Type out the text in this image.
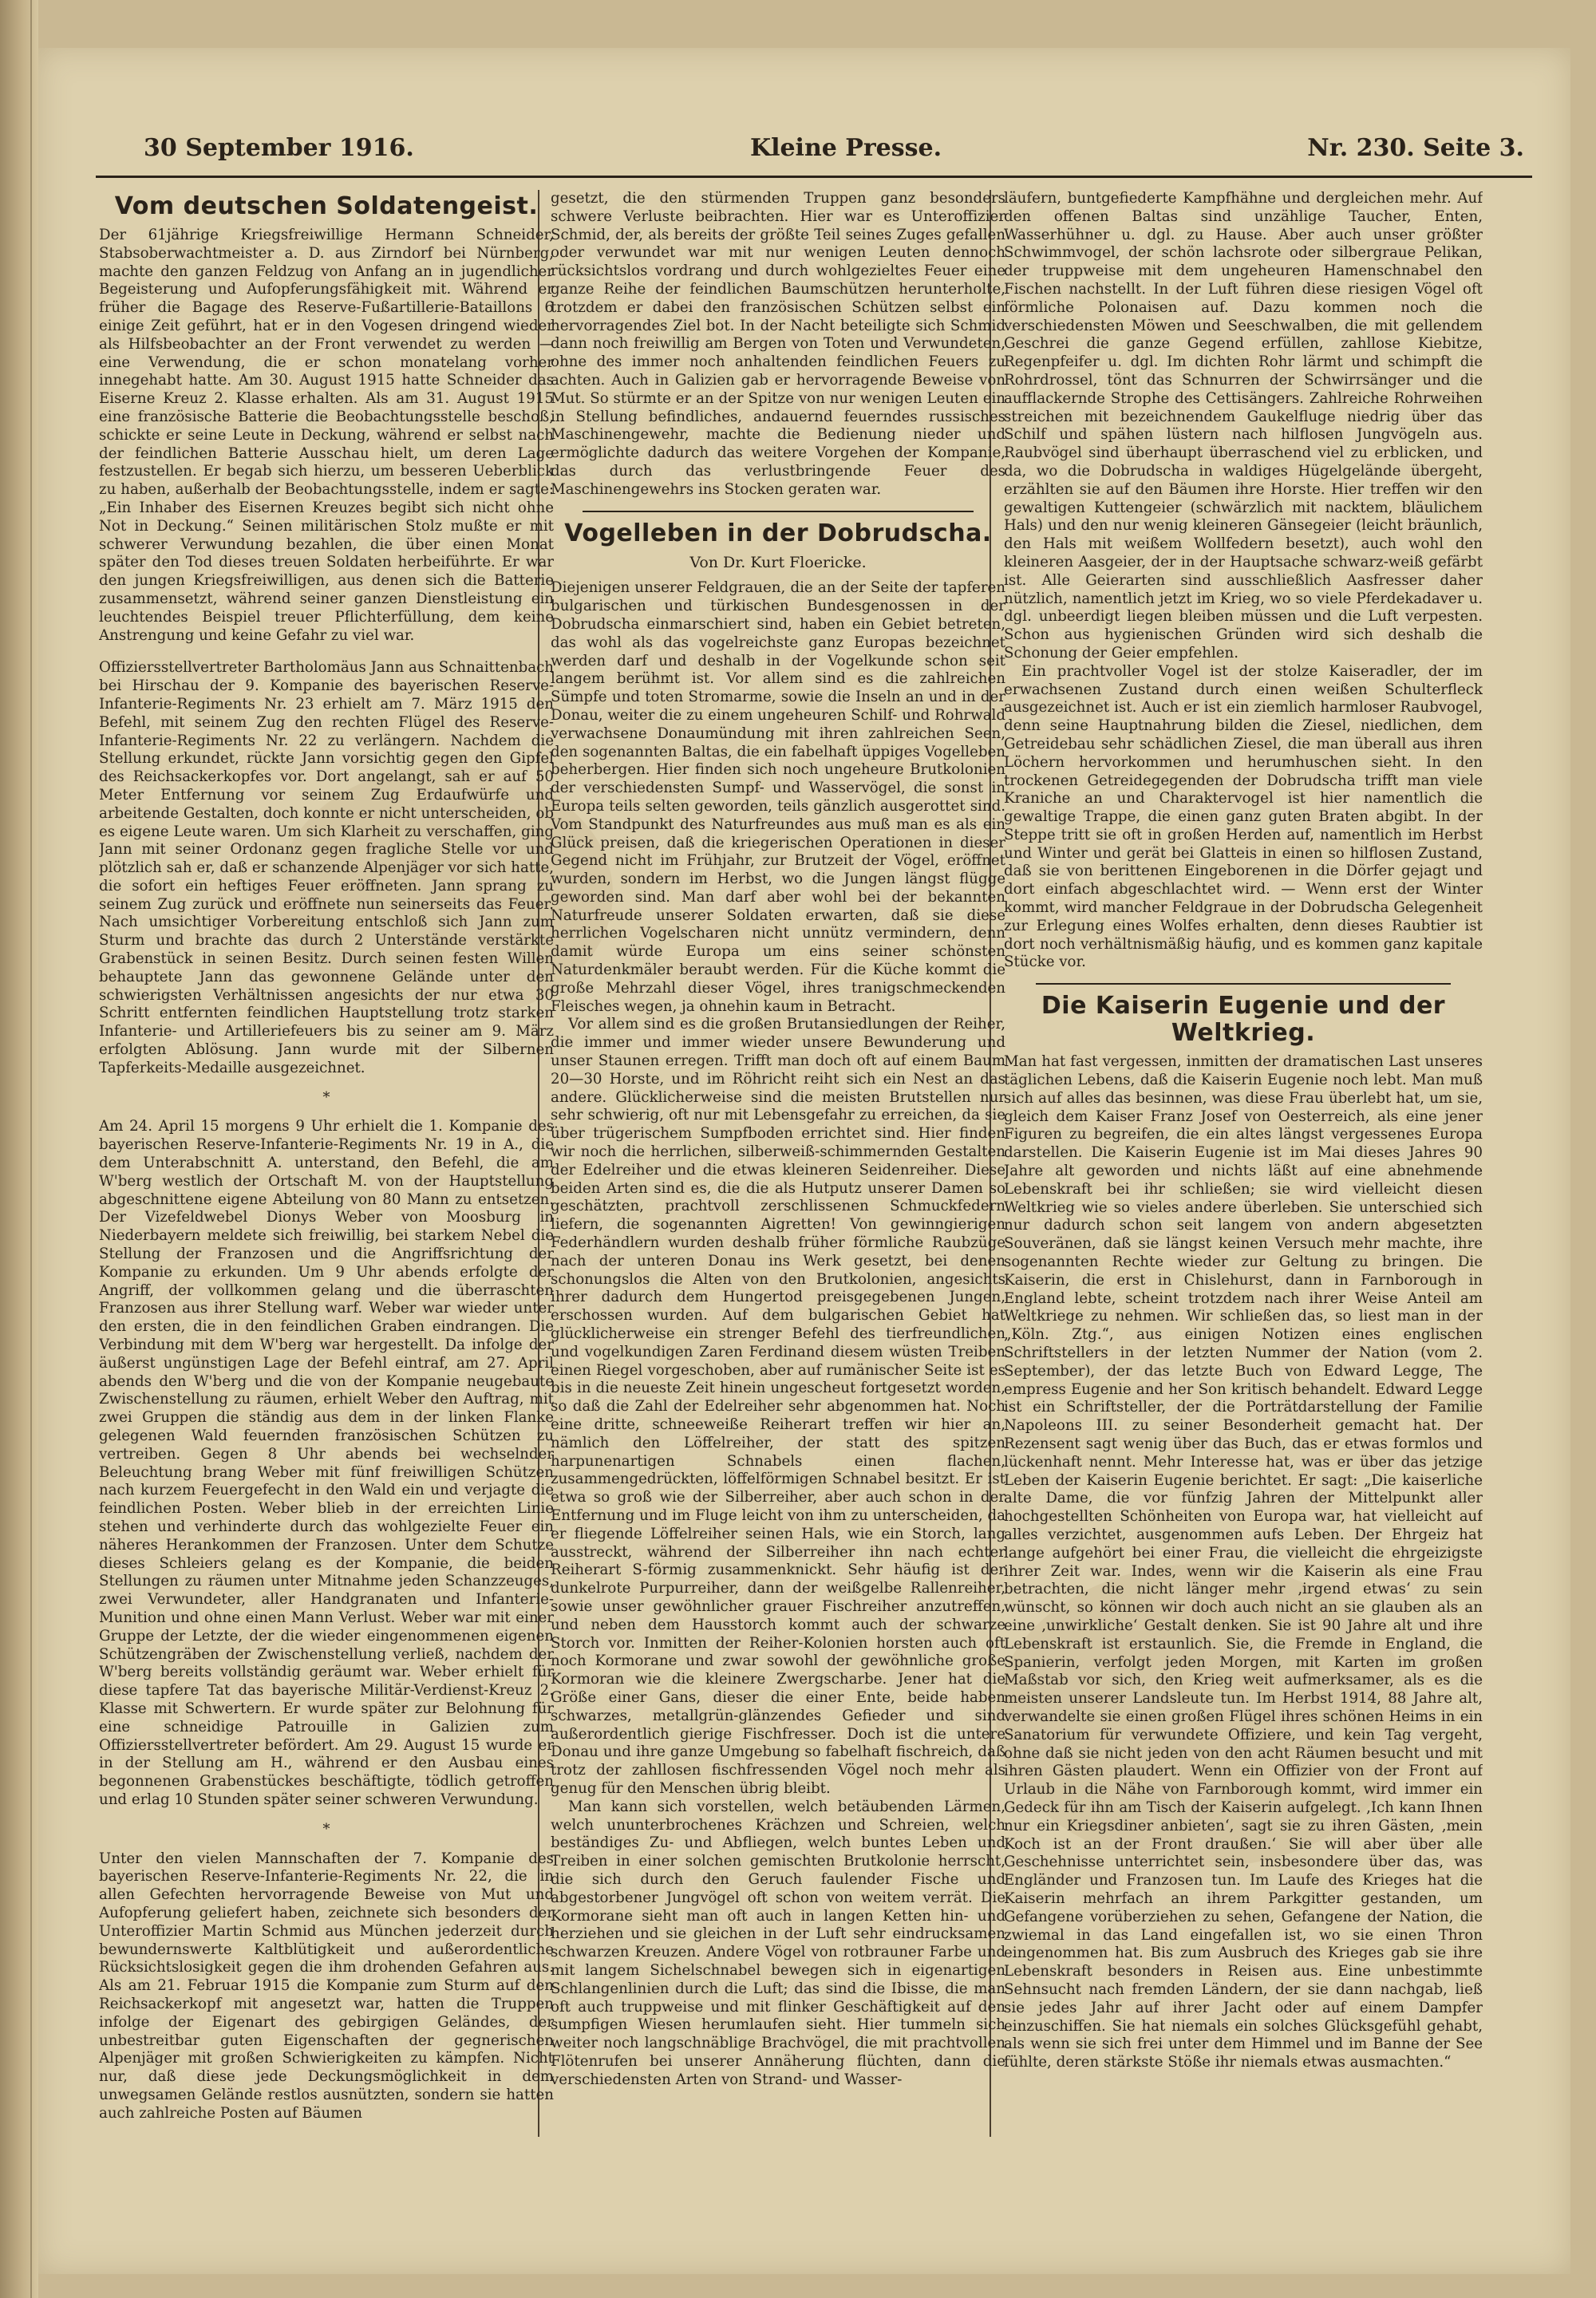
30 September 1916.	Kleine Presse.	Nr. 230. Seite 3.
Vom deutschen Soldatengeist.

Der 61jährige Kriegsfreiwillige Hermann Schneider, Stabsoberwachtmeister a. D. aus Zirndorf bei Nürnberg, machte den ganzen Feldzug von Anfang an in jugendlicher Begeisterung und Aufopferungsfähigkeit mit. Während er früher die Bagage des Reserve-Fußartillerie-Bataillons 6 einige Zeit geführt, hat er in den Vogesen dringend wieder als Hilfsbeobachter an der Front verwendet zu werden — eine Verwendung, die er schon monatelang vorher innegehabt hatte. Am 30. August 1915 hatte Schneider das Eiserne Kreuz 2. Klasse erhalten. Als am 31. August 1915 eine französische Batterie die Beobachtungsstelle beschoß, schickte er seine Leute in Deckung, während er selbst nach der feindlichen Batterie Ausschau hielt, um deren Lage festzustellen. Er begab sich hierzu, um besseren Ueberblick zu haben, außerhalb der Beobachtungsstelle, indem er sagte: „Ein Inhaber des Eisernen Kreuzes begibt sich nicht ohne Not in Deckung.“ Seinen militärischen Stolz mußte er mit schwerer Verwundung bezahlen, die über einen Monat später den Tod dieses treuen Soldaten herbeiführte. Er war den jungen Kriegsfreiwilligen, aus denen sich die Batterie zusammensetzt, während seiner ganzen Dienstleistung ein leuchtendes Beispiel treuer Pflichterfüllung, dem keine Anstrengung und keine Gefahr zu viel war.

Offiziersstellvertreter Bartholomäus Jann aus Schnaittenbach bei Hirschau der 9. Kompanie des bayerischen Reserve-Infanterie-Regiments Nr. 23 erhielt am 7. März 1915 den Befehl, mit seinem Zug den rechten Flügel des Reserve-Infanterie-Regiments Nr. 22 zu verlängern. Nachdem die Stellung erkundet, rückte Jann vorsichtig gegen den Gipfel des Reichsackerkopfes vor. Dort angelangt, sah er auf 50 Meter Entfernung vor seinem Zug Erdaufwürfe und arbeitende Gestalten, doch konnte er nicht unterscheiden, ob es eigene Leute waren. Um sich Klarheit zu verschaffen, ging Jann mit seiner Ordonanz gegen fragliche Stelle vor und plötzlich sah er, daß er schanzende Alpenjäger vor sich hatte, die sofort ein heftiges Feuer eröffneten. Jann sprang zu seinem Zug zurück und eröffnete nun seinerseits das Feuer. Nach umsichtiger Vorbereitung entschloß sich Jann zum Sturm und brachte das durch 2 Unterstände verstärkte Grabenstück in seinen Besitz. Durch seinen festen Willen behauptete Jann das gewonnene Gelände unter den schwierigsten Verhältnissen angesichts der nur etwa 30 Schritt entfernten feindlichen Hauptstellung trotz starken Infanterie- und Artilleriefeuers bis zu seiner am 9. März erfolgten Ablösung. Jann wurde mit der Silbernen Tapferkeits-Medaille ausgezeichnet.

*

Am 24. April 15 morgens 9 Uhr erhielt die 1. Kompanie des bayerischen Reserve-Infanterie-Regiments Nr. 19 in A., die dem Unterabschnitt A. unterstand, den Befehl, die am W'berg westlich der Ortschaft M. von der Hauptstellung abgeschnittene eigene Abteilung von 80 Mann zu entsetzen. Der Vizefeldwebel Dionys Weber von Moosburg in Niederbayern meldete sich freiwillig, bei starkem Nebel die Stellung der Franzosen und die Angriffsrichtung der Kompanie zu erkunden. Um 9 Uhr abends erfolgte der Angriff, der vollkommen gelang und die überraschten Franzosen aus ihrer Stellung warf. Weber war wieder unter den ersten, die in den feindlichen Graben eindrangen. Die Verbindung mit dem W'berg war hergestellt. Da infolge der äußerst ungünstigen Lage der Befehl eintraf, am 27. April abends den W'berg und die von der Kompanie neugebaute Zwischenstellung zu räumen, erhielt Weber den Auftrag, mit zwei Gruppen die ständig aus dem in der linken Flanke gelegenen Wald feuernden französischen Schützen zu vertreiben. Gegen 8 Uhr abends bei wechselnder Beleuchtung brang Weber mit fünf freiwilligen Schützen nach kurzem Feuergefecht in den Wald ein und verjagte die feindlichen Posten. Weber blieb in der erreichten Linie stehen und verhinderte durch das wohlgezielte Feuer ein näheres Herankommen der Franzosen. Unter dem Schutze dieses Schleiers gelang es der Kompanie, die beiden Stellungen zu räumen unter Mitnahme jeden Schanzzeuges, zwei Verwundeter, aller Handgranaten und Infanterie-Munition und ohne einen Mann Verlust. Weber war mit einer Gruppe der Letzte, der die wieder eingenommenen eigenen Schützengräben der Zwischenstellung verließ, nachdem der W'berg bereits vollständig geräumt war. Weber erhielt für diese tapfere Tat das bayerische Militär-Verdienst-Kreuz 2. Klasse mit Schwertern. Er wurde später zur Belohnung für eine schneidige Patrouille in Galizien zum Offiziersstellvertreter befördert. Am 29. August 15 wurde er in der Stellung am H., während er den Ausbau eines begonnenen Grabenstückes beschäftigte, tödlich getroffen und erlag 10 Stunden später seiner schweren Verwundung.

*

Unter den vielen Mannschaften der 7. Kompanie des bayerischen Reserve-Infanterie-Regiments Nr. 22, die in allen Gefechten hervorragende Beweise von Mut und Aufopferung geliefert haben, zeichnete sich besonders der Unteroffizier Martin Schmid aus München jederzeit durch bewundernswerte Kaltblütigkeit und außerordentliche Rücksichtslosigkeit gegen die ihm drohenden Gefahren aus. Als am 21. Februar 1915 die Kompanie zum Sturm auf den Reichsackerkopf mit angesetzt war, hatten die Truppen infolge der Eigenart des gebirgigen Geländes, der unbestreitbar guten Eigenschaften der gegnerischen Alpenjäger mit großen Schwierigkeiten zu kämpfen. Nicht nur, daß diese jede Deckungsmöglichkeit in dem unwegsamen Gelände restlos ausnützten, sondern sie hatten auch zahlreiche Posten auf Bäumen

gesetzt, die den stürmenden Truppen ganz besonders schwere Verluste beibrachten. Hier war es Unteroffizier Schmid, der, als bereits der größte Teil seines Zuges gefallen oder verwundet war mit nur wenigen Leuten dennoch rücksichtslos vordrang und durch wohlgezieltes Feuer eine ganze Reihe der feindlichen Baumschützen herunterholte, trotzdem er dabei den französischen Schützen selbst ein hervorragendes Ziel bot. In der Nacht beteiligte sich Schmid dann noch freiwillig am Bergen von Toten und Verwundeten, ohne des immer noch anhaltenden feindlichen Feuers zu achten. Auch in Galizien gab er hervorragende Beweise von Mut. So stürmte er an der Spitze von nur wenigen Leuten ein in Stellung befindliches, andauernd feuerndes russisches Maschinengewehr, machte die Bedienung nieder und ermöglichte dadurch das weitere Vorgehen der Kompanie, das durch das verlustbringende Feuer des Maschinengewehrs ins Stocken geraten war.

Vogelleben in der Dobrudscha.
Von Dr. Kurt Floericke.

Diejenigen unserer Feldgrauen, die an der Seite der tapferen bulgarischen und türkischen Bundesgenossen in der Dobrudscha einmarschiert sind, haben ein Gebiet betreten, das wohl als das vogelreichste ganz Europas bezeichnet werden darf und deshalb in der Vogelkunde schon seit langem berühmt ist. Vor allem sind es die zahlreichen Sümpfe und toten Stromarme, sowie die Inseln an und in der Donau, weiter die zu einem ungeheuren Schilf- und Rohrwald verwachsene Donaumündung mit ihren zahlreichen Seen, den sogenannten Baltas, die ein fabelhaft üppiges Vogelleben beherbergen. Hier finden sich noch ungeheure Brutkolonien der verschiedensten Sumpf- und Wasservögel, die sonst in Europa teils selten geworden, teils gänzlich ausgerottet sind. Vom Standpunkt des Naturfreundes aus muß man es als ein Glück preisen, daß die kriegerischen Operationen in dieser Gegend nicht im Frühjahr, zur Brutzeit der Vögel, eröffnet wurden, sondern im Herbst, wo die Jungen längst flügge geworden sind. Man darf aber wohl bei der bekannten Naturfreude unserer Soldaten erwarten, daß sie diese herrlichen Vogelscharen nicht unnütz vermindern, denn damit würde Europa um eins seiner schönsten Naturdenkmäler beraubt werden. Für die Küche kommt die große Mehrzahl dieser Vögel, ihres tranigschmeckenden Fleisches wegen, ja ohnehin kaum in Betracht.

Vor allem sind es die großen Brutansiedlungen der Reiher, die immer und immer wieder unsere Bewunderung und unser Staunen erregen. Trifft man doch oft auf einem Baum 20—30 Horste, und im Röhricht reiht sich ein Nest an das andere. Glücklicherweise sind die meisten Brutstellen nur sehr schwierig, oft nur mit Lebensgefahr zu erreichen, da sie über trügerischem Sumpfboden errichtet sind. Hier finden wir noch die herrlichen, silberweiß-schimmernden Gestalten der Edelreiher und die etwas kleineren Seidenreiher. Diese beiden Arten sind es, die die als Hutputz unserer Damen so geschätzten, prachtvoll zerschlissenen Schmuckfedern liefern, die sogenannten Aigretten! Von gewinngierigen Federhändlern wurden deshalb früher förmliche Raubzüge nach der unteren Donau ins Werk gesetzt, bei denen schonungslos die Alten von den Brutkolonien, angesichts ihrer dadurch dem Hungertod preisgegebenen Jungen, erschossen wurden. Auf dem bulgarischen Gebiet hat glücklicherweise ein strenger Befehl des tierfreundlichen und vogelkundigen Zaren Ferdinand diesem wüsten Treiben einen Riegel vorgeschoben, aber auf rumänischer Seite ist es bis in die neueste Zeit hinein ungescheut fortgesetzt worden, so daß die Zahl der Edelreiher sehr abgenommen hat. Noch eine dritte, schneeweiße Reiherart treffen wir hier an, nämlich den Löffelreiher, der statt des spitzen harpunenartigen Schnabels einen flachen, zusammengedrückten, löffelförmigen Schnabel besitzt. Er ist etwa so groß wie der Silberreiher, aber auch schon in der Entfernung und im Fluge leicht von ihm zu unterscheiden, da er fliegende Löffelreiher seinen Hals, wie ein Storch, lang ausstreckt, während der Silberreiher ihn nach echter Reiherart S-förmig zusammenknickt. Sehr häufig ist der dunkelrote Purpurreiher, dann der weißgelbe Rallenreiher, sowie unser gewöhnlicher grauer Fischreiher anzutreffen, und neben dem Hausstorch kommt auch der schwarze Storch vor. Inmitten der Reiher-Kolonien horsten auch oft noch Kormorane und zwar sowohl der gewöhnliche große Kormoran wie die kleinere Zwergscharbe. Jener hat die Größe einer Gans, dieser die einer Ente, beide haben schwarzes, metallgrün-glänzendes Gefieder und sind außerordentlich gierige Fischfresser. Doch ist die untere Donau und ihre ganze Umgebung so fabelhaft fischreich, daß trotz der zahllosen fischfressenden Vögel noch mehr als genug für den Menschen übrig bleibt.

Man kann sich vorstellen, welch betäubenden Lärmen, welch ununterbrochenes Krächzen und Schreien, welch beständiges Zu- und Abfliegen, welch buntes Leben und Treiben in einer solchen gemischten Brutkolonie herrscht, die sich durch den Geruch faulender Fische und abgestorbener Jungvögel oft schon von weitem verrät. Die Kormorane sieht man oft auch in langen Ketten hin- und herziehen und sie gleichen in der Luft sehr eindrucksamen schwarzen Kreuzen. Andere Vögel von rotbrauner Farbe und mit langem Sichelschnabel bewegen sich in eigenartigen Schlangenlinien durch die Luft; das sind die Ibisse, die man oft auch truppweise und mit flinker Geschäftigkeit auf den sumpfigen Wiesen herumlaufen sieht. Hier tummeln sich weiter noch langschnäblige Brachvögel, die mit prachtvollen Flötenrufen bei unserer Annäherung flüchten, dann die verschiedensten Arten von Strand- und Wasser-

läufern, buntgefiederte Kampfhähne und dergleichen mehr. Auf den offenen Baltas sind unzählige Taucher, Enten, Wasserhühner u. dgl. zu Hause. Aber auch unser größter Schwimmvogel, der schön lachsrote oder silbergraue Pelikan, der truppweise mit dem ungeheuren Hamenschnabel den Fischen nachstellt. In der Luft führen diese riesigen Vögel oft förmliche Polonaisen auf. Dazu kommen noch die verschiedensten Möwen und Seeschwalben, die mit gellendem Geschrei die ganze Gegend erfüllen, zahllose Kiebitze, Regenpfeifer u. dgl. Im dichten Rohr lärmt und schimpft die Rohrdrossel, tönt das Schnurren der Schwirrsänger und die aufflackernde Strophe des Cettisängers. Zahlreiche Rohrweihen streichen mit bezeichnendem Gaukelfluge niedrig über das Schilf und spähen lüstern nach hilflosen Jungvögeln aus. Raubvögel sind überhaupt überraschend viel zu erblicken, und da, wo die Dobrudscha in waldiges Hügelgelände übergeht, erzählten sie auf den Bäumen ihre Horste. Hier treffen wir den gewaltigen Kuttengeier (schwärzlich mit nacktem, bläulichem Hals) und den nur wenig kleineren Gänsegeier (leicht bräunlich, den Hals mit weißem Wollfedern besetzt), auch wohl den kleineren Aasgeier, der in der Hauptsache schwarz-weiß gefärbt ist. Alle Geierarten sind ausschließlich Aasfresser daher nützlich, namentlich jetzt im Krieg, wo so viele Pferdekadaver u. dgl. unbeerdigt liegen bleiben müssen und die Luft verpesten. Schon aus hygienischen Gründen wird sich deshalb die Schonung der Geier empfehlen.

Ein prachtvoller Vogel ist der stolze Kaiseradler, der im erwachsenen Zustand durch einen weißen Schulterfleck ausgezeichnet ist. Auch er ist ein ziemlich harmloser Raubvogel, denn seine Hauptnahrung bilden die Ziesel, niedlichen, dem Getreidebau sehr schädlichen Ziesel, die man überall aus ihren Löchern hervorkommen und herumhuschen sieht. In den trockenen Getreidegegenden der Dobrudscha trifft man viele Kraniche an und Charaktervogel ist hier namentlich die gewaltige Trappe, die einen ganz guten Braten abgibt. In der Steppe tritt sie oft in großen Herden auf, namentlich im Herbst und Winter und gerät bei Glatteis in einen so hilflosen Zustand, daß sie von berittenen Eingeborenen in die Dörfer gejagt und dort einfach abgeschlachtet wird. — Wenn erst der Winter kommt, wird mancher Feldgraue in der Dobrudscha Gelegenheit zur Erlegung eines Wolfes erhalten, denn dieses Raubtier ist dort noch verhältnismäßig häufig, und es kommen ganz kapitale Stücke vor.

Die Kaiserin Eugenie und der Weltkrieg.

Man hat fast vergessen, inmitten der dramatischen Last unseres täglichen Lebens, daß die Kaiserin Eugenie noch lebt. Man muß sich auf alles das besinnen, was diese Frau überlebt hat, um sie, gleich dem Kaiser Franz Josef von Oesterreich, als eine jener Figuren zu begreifen, die ein altes längst vergessenes Europa darstellen. Die Kaiserin Eugenie ist im Mai dieses Jahres 90 Jahre alt geworden und nichts läßt auf eine abnehmende Lebenskraft bei ihr schließen; sie wird vielleicht diesen Weltkrieg wie so vieles andere überleben. Sie unterschied sich nur dadurch schon seit langem von andern abgesetzten Souveränen, daß sie längst keinen Versuch mehr machte, ihre sogenannten Rechte wieder zur Geltung zu bringen. Die Kaiserin, die erst in Chislehurst, dann in Farnborough in England lebte, scheint trotzdem nach ihrer Weise Anteil am Weltkriege zu nehmen. Wir schließen das, so liest man in der „Köln. Ztg.“, aus einigen Notizen eines englischen Schriftstellers in der letzten Nummer der Nation (vom 2. September), der das letzte Buch von Edward Legge, The empress Eugenie and her Son kritisch behandelt. Edward Legge ist ein Schriftsteller, der die Porträtdarstellung der Familie Napoleons III. zu seiner Besonderheit gemacht hat. Der Rezensent sagt wenig über das Buch, das er etwas formlos und lückenhaft nennt. Mehr Interesse hat, was er über das jetzige Leben der Kaiserin Eugenie berichtet. Er sagt: „Die kaiserliche alte Dame, die vor fünfzig Jahren der Mittelpunkt aller hochgestellten Schönheiten von Europa war, hat vielleicht auf alles verzichtet, ausgenommen aufs Leben. Der Ehrgeiz hat lange aufgehört bei einer Frau, die vielleicht die ehrgeizigste ihrer Zeit war. Indes, wenn wir die Kaiserin als eine Frau betrachten, die nicht länger mehr ‚irgend etwas‘ zu sein wünscht, so können wir doch auch nicht an sie glauben als an eine ‚unwirkliche‘ Gestalt denken. Sie ist 90 Jahre alt und ihre Lebenskraft ist erstaunlich. Sie, die Fremde in England, die Spanierin, verfolgt jeden Morgen, mit Karten im großen Maßstab vor sich, den Krieg weit aufmerksamer, als es die meisten unserer Landsleute tun. Im Herbst 1914, 88 Jahre alt, verwandelte sie einen großen Flügel ihres schönen Heims in ein Sanatorium für verwundete Offiziere, und kein Tag vergeht, ohne daß sie nicht jeden von den acht Räumen besucht und mit ihren Gästen plaudert. Wenn ein Offizier von der Front auf Urlaub in die Nähe von Farnborough kommt, wird immer ein Gedeck für ihn am Tisch der Kaiserin aufgelegt. ‚Ich kann Ihnen nur ein Kriegsdiner anbieten‘, sagt sie zu ihren Gästen, ‚mein Koch ist an der Front draußen.‘ Sie will aber über alle Geschehnisse unterrichtet sein, insbesondere über das, was Engländer und Franzosen tun. Im Laufe des Krieges hat die Kaiserin mehrfach an ihrem Parkgitter gestanden, um Gefangene vorüberziehen zu sehen, Gefangene der Nation, die zwiemal in das Land eingefallen ist, wo sie einen Thron eingenommen hat. Bis zum Ausbruch des Krieges gab sie ihre Lebenskraft besonders in Reisen aus. Eine unbestimmte Sehnsucht nach fremden Ländern, der sie dann nachgab, ließ sie jedes Jahr auf ihrer Jacht oder auf einem Dampfer einzuschiffen. Sie hat niemals ein solches Glücksgefühl gehabt, als wenn sie sich frei unter dem Himmel und im Banne der See fühlte, deren stärkste Stöße ihr niemals etwas ausmachten.“
